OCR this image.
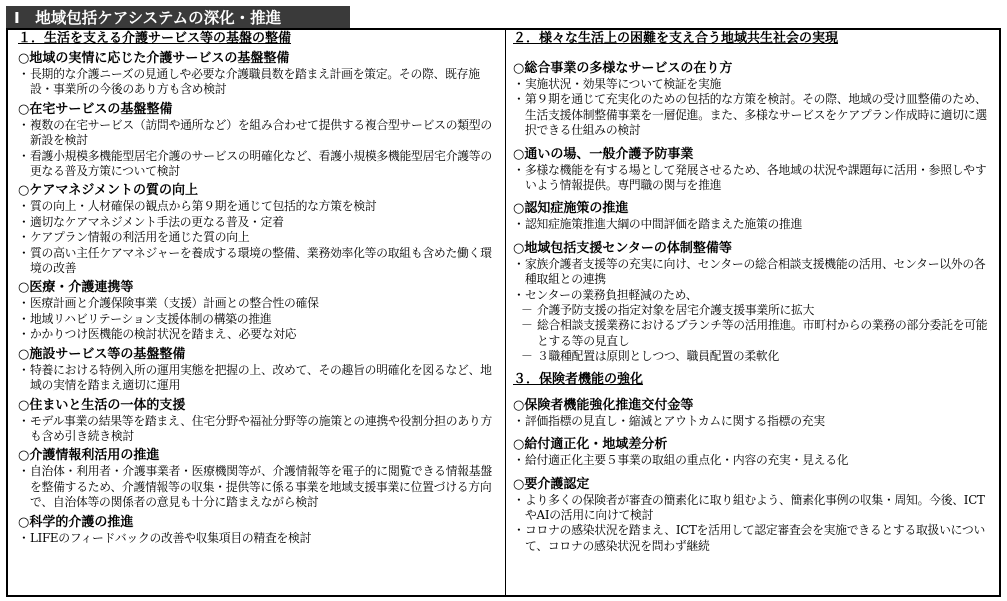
Ⅰ　地域包括ケアシステムの深化・推進
１．生活を支える介護サービス等の基盤の整備
○地域の実情に応じた介護サービスの基盤整備
・ 長期的な介護ニーズの見通しや必要な介護職員数を踏まえ計画を策定。その際、既存施設・事業所の今後のあり方も含め検討
○在宅サービスの基盤整備
・ 複数の在宅サービス（訪問や通所など）を組み合わせて提供する複合型サービスの類型の新設を検討
・ 看護小規模多機能型居宅介護のサービスの明確化など、看護小規模多機能型居宅介護等の更なる普及方策について検討
○ケアマネジメントの質の向上
・ 質の向上・人材確保の観点から第９期を通じて包括的な方策を検討
・ 適切なケアマネジメント手法の更なる普及・定着
・ ケアプラン情報の利活用を通じた質の向上
・ 質の高い主任ケアマネジャーを養成する環境の整備、業務効率化等の取組も含めた働く環境の改善
○医療・介護連携等
・ 医療計画と介護保険事業（支援）計画との整合性の確保
・ 地域リハビリテーション支援体制の構築の推進
・ かかりつけ医機能の検討状況を踏まえ、必要な対応
○施設サービス等の基盤整備
・ 特養における特例入所の運用実態を把握の上、改めて、その趣旨の明確化を図るなど、地域の実情を踏まえ適切に運用
○住まいと生活の一体的支援
・ モデル事業の結果等を踏まえ、住宅分野や福祉分野等の施策との連携や役割分担のあり方も含め引き続き検討
○介護情報利活用の推進
・ 自治体・利用者・介護事業者・医療機関等が、介護情報等を電子的に閲覧できる情報基盤を整備するため、介護情報等の収集・提供等に係る事業を地域支援事業に位置づける方向で、自治体等の関係者の意見も十分に踏まえながら検討
○科学的介護の推進
・ LIFEのフィードバックの改善や収集項目の精査を検討
２．様々な生活上の困難を支え合う地域共生社会の実現
○総合事業の多様なサービスの在り方
・ 実施状況・効果等について検証を実施
・ 第９期を通じて充実化のための包括的な方策を検討。その際、地域の受け皿整備のため、生活支援体制整備事業を一層促進。また、多様なサービスをケアプラン作成時に適切に選択できる仕組みの検討
○通いの場、一般介護予防事業
・ 多様な機能を有する場として発展させるため、各地域の状況や課題毎に活用・参照しやすいよう情報提供。専門職の関与を推進
○認知症施策の推進
・ 認知症施策推進大綱の中間評価を踏まえた施策の推進
○地域包括支援センターの体制整備等
・ 家族介護者支援等の充実に向け、センターの総合相談支援機能の活用、センター以外の各種取組との連携
・ センターの業務負担軽減のため、
－ 介護予防支援の指定対象を居宅介護支援事業所に拡大
－ 総合相談支援業務におけるブランチ等の活用推進。市町村からの業務の部分委託を可能とする等の見直し
－ ３職種配置は原則としつつ、職員配置の柔軟化
３．保険者機能の強化
○保険者機能強化推進交付金等
・ 評価指標の見直し・縮減とアウトカムに関する指標の充実
○給付適正化・地域差分析
・ 給付適正化主要５事業の取組の重点化・内容の充実・見える化
○要介護認定
・ より多くの保険者が審査の簡素化に取り組むよう、簡素化事例の収集・周知。今後、ICTやAIの活用に向けて検討
・ コロナの感染状況を踏まえ、ICTを活用して認定審査会を実施できるとする取扱いについて、コロナの感染状況を問わず継続
